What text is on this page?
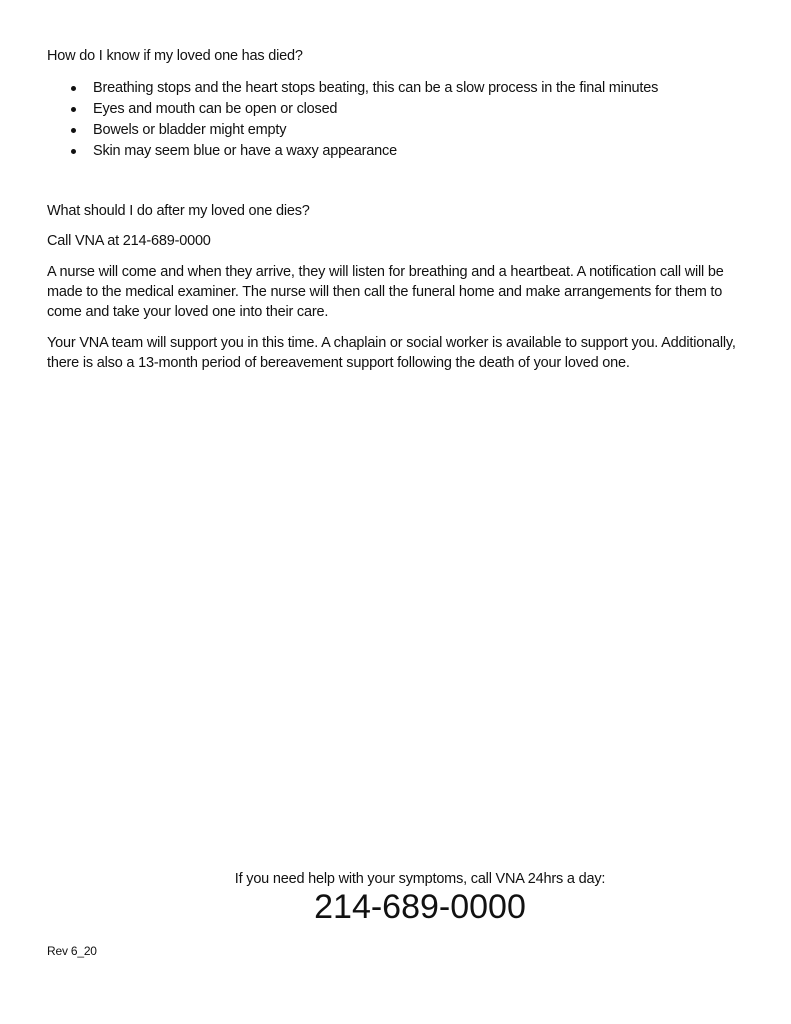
How do I know if my loved one has died?
Breathing stops and the heart stops beating, this can be a slow process in the final minutes
Eyes and mouth can be open or closed
Bowels or bladder might empty
Skin may seem blue or have a waxy appearance
What should I do after my loved one dies?

Call VNA at 214-689-0000

A nurse will come and when they arrive, they will listen for breathing and a heartbeat. A notification call will be made to the medical examiner. The nurse will then call the funeral home and make arrangements for them to come and take your loved one into their care.

Your VNA team will support you in this time. A chaplain or social worker is available to support you. Additionally, there is also a 13-month period of bereavement support following the death of your loved one.

If you need help with your symptoms, call VNA 24hrs a day:

214-689-0000

Rev 6_20
